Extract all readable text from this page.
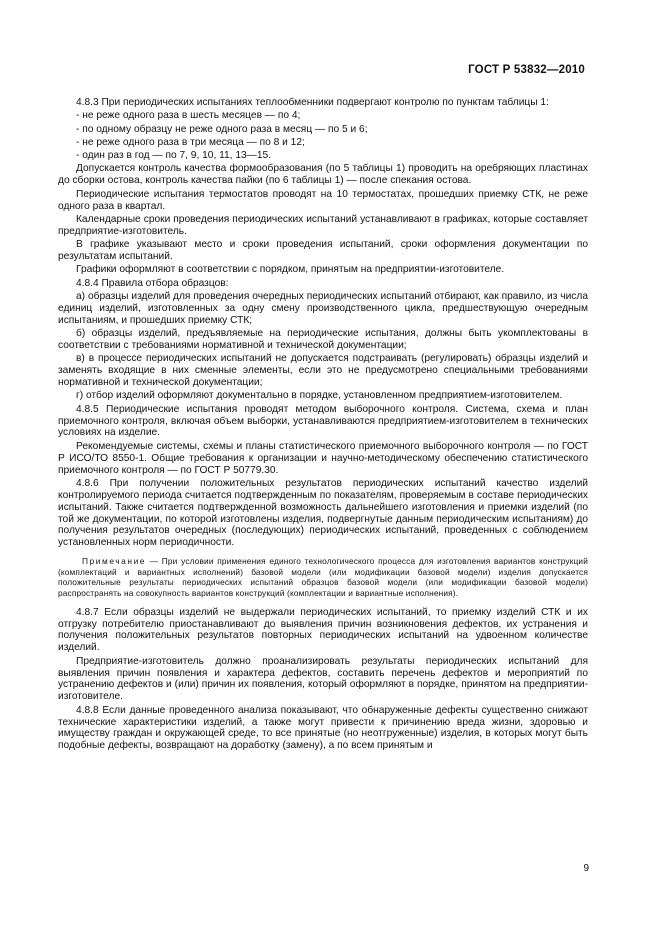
ГОСТ Р 53832—2010

4.8.3 При периодических испытаниях теплообменники подвергают контролю по пунктам таблицы 1:

- не реже одного раза в шесть месяцев — по 4;

- по одному образцу не реже одного раза в месяц — по 5 и 6;

- не реже одного раза в три месяца — по 8 и 12;

- один раз в год — по 7, 9, 10, 11, 13—15.

Допускается контроль качества формообразования (по 5 таблицы 1) проводить на оребряющих пластинах до сборки остова, контроль качества пайки (по 6 таблицы 1) — после спекания остова.

Периодические испытания термостатов проводят на 10 термостатах, прошедших приемку СТК, не реже одного раза в квартал.

Календарные сроки проведения периодических испытаний устанавливают в графиках, которые составляет предприятие-изготовитель.

В графике указывают место и сроки проведения испытаний, сроки оформления документации по результатам испытаний.

Графики оформляют в соответствии с порядком, принятым на предприятии-изготовителе.

4.8.4 Правила отбора образцов:

а) образцы изделий для проведения очередных периодических испытаний отбирают, как правило, из числа единиц изделий, изготовленных за одну смену производственного цикла, предшествующую очередным испытаниям, и прошедших приемку СТК;

б) образцы изделий, предъявляемые на периодические испытания, должны быть укомплектованы в соответствии с требованиями нормативной и технической документации;

в) в процессе периодических испытаний не допускается подстраивать (регулировать) образцы изделий и заменять входящие в них сменные элементы, если это не предусмотрено специальными требованиями нормативной и технической документации;

г) отбор изделий оформляют документально в порядке, установленном предприятием-изготовителем.

4.8.5 Периодические испытания проводят методом выборочного контроля. Система, схема и план приемочного контроля, включая объем выборки, устанавливаются предприятием-изготовителем в технических условиях на изделие.

Рекомендуемые системы, схемы и планы статистического приемочного выборочного контроля — по ГОСТ Р ИСО/ТО 8550-1. Общие требования к организации и научно-методическому обеспечению статистического приемочного контроля — по ГОСТ Р 50779.30.

4.8.6 При получении положительных результатов периодических испытаний качество изделий контролируемого периода считается подтвержденным по показателям, проверяемым в составе периодических испытаний. Также считается подтвержденной возможность дальнейшего изготовления и приемки изделий (по той же документации, по которой изготовлены изделия, подвергнутые данным периодическим испытаниям) до получения результатов очередных (последующих) периодических испытаний, проведенных с соблюдением установленных норм периодичности.

Примечание — При условии применения единого технологического процесса для изготовления вариантов конструкций (комплектаций и вариантных исполнений) базовой модели (или модификации базовой модели) изделия допускается положительные результаты периодических испытаний образцов базовой модели (или модификации базовой модели) распространять на совокупность вариантов конструкций (комплектации и вариантные исполнения).

4.8.7 Если образцы изделий не выдержали периодических испытаний, то приемку изделий СТК и их отгрузку потребителю приостанавливают до выявления причин возникновения дефектов, их устранения и получения положительных результатов повторных периодических испытаний на удвоенном количестве изделий.

Предприятие-изготовитель должно проанализировать результаты периодических испытаний для выявления причин появления и характера дефектов, составить перечень дефектов и мероприятий по устранению дефектов и (или) причин их появления, который оформляют в порядке, принятом на предприятии-изготовителе.

4.8.8 Если данные проведенного анализа показывают, что обнаруженные дефекты существенно снижают технические характеристики изделий, а также могут привести к причинению вреда жизни, здоровью и имуществу граждан и окружающей среде, то все принятые (но неотгруженные) изделия, в которых могут быть подобные дефекты, возвращают на доработку (замену), а по всем принятым и

9
